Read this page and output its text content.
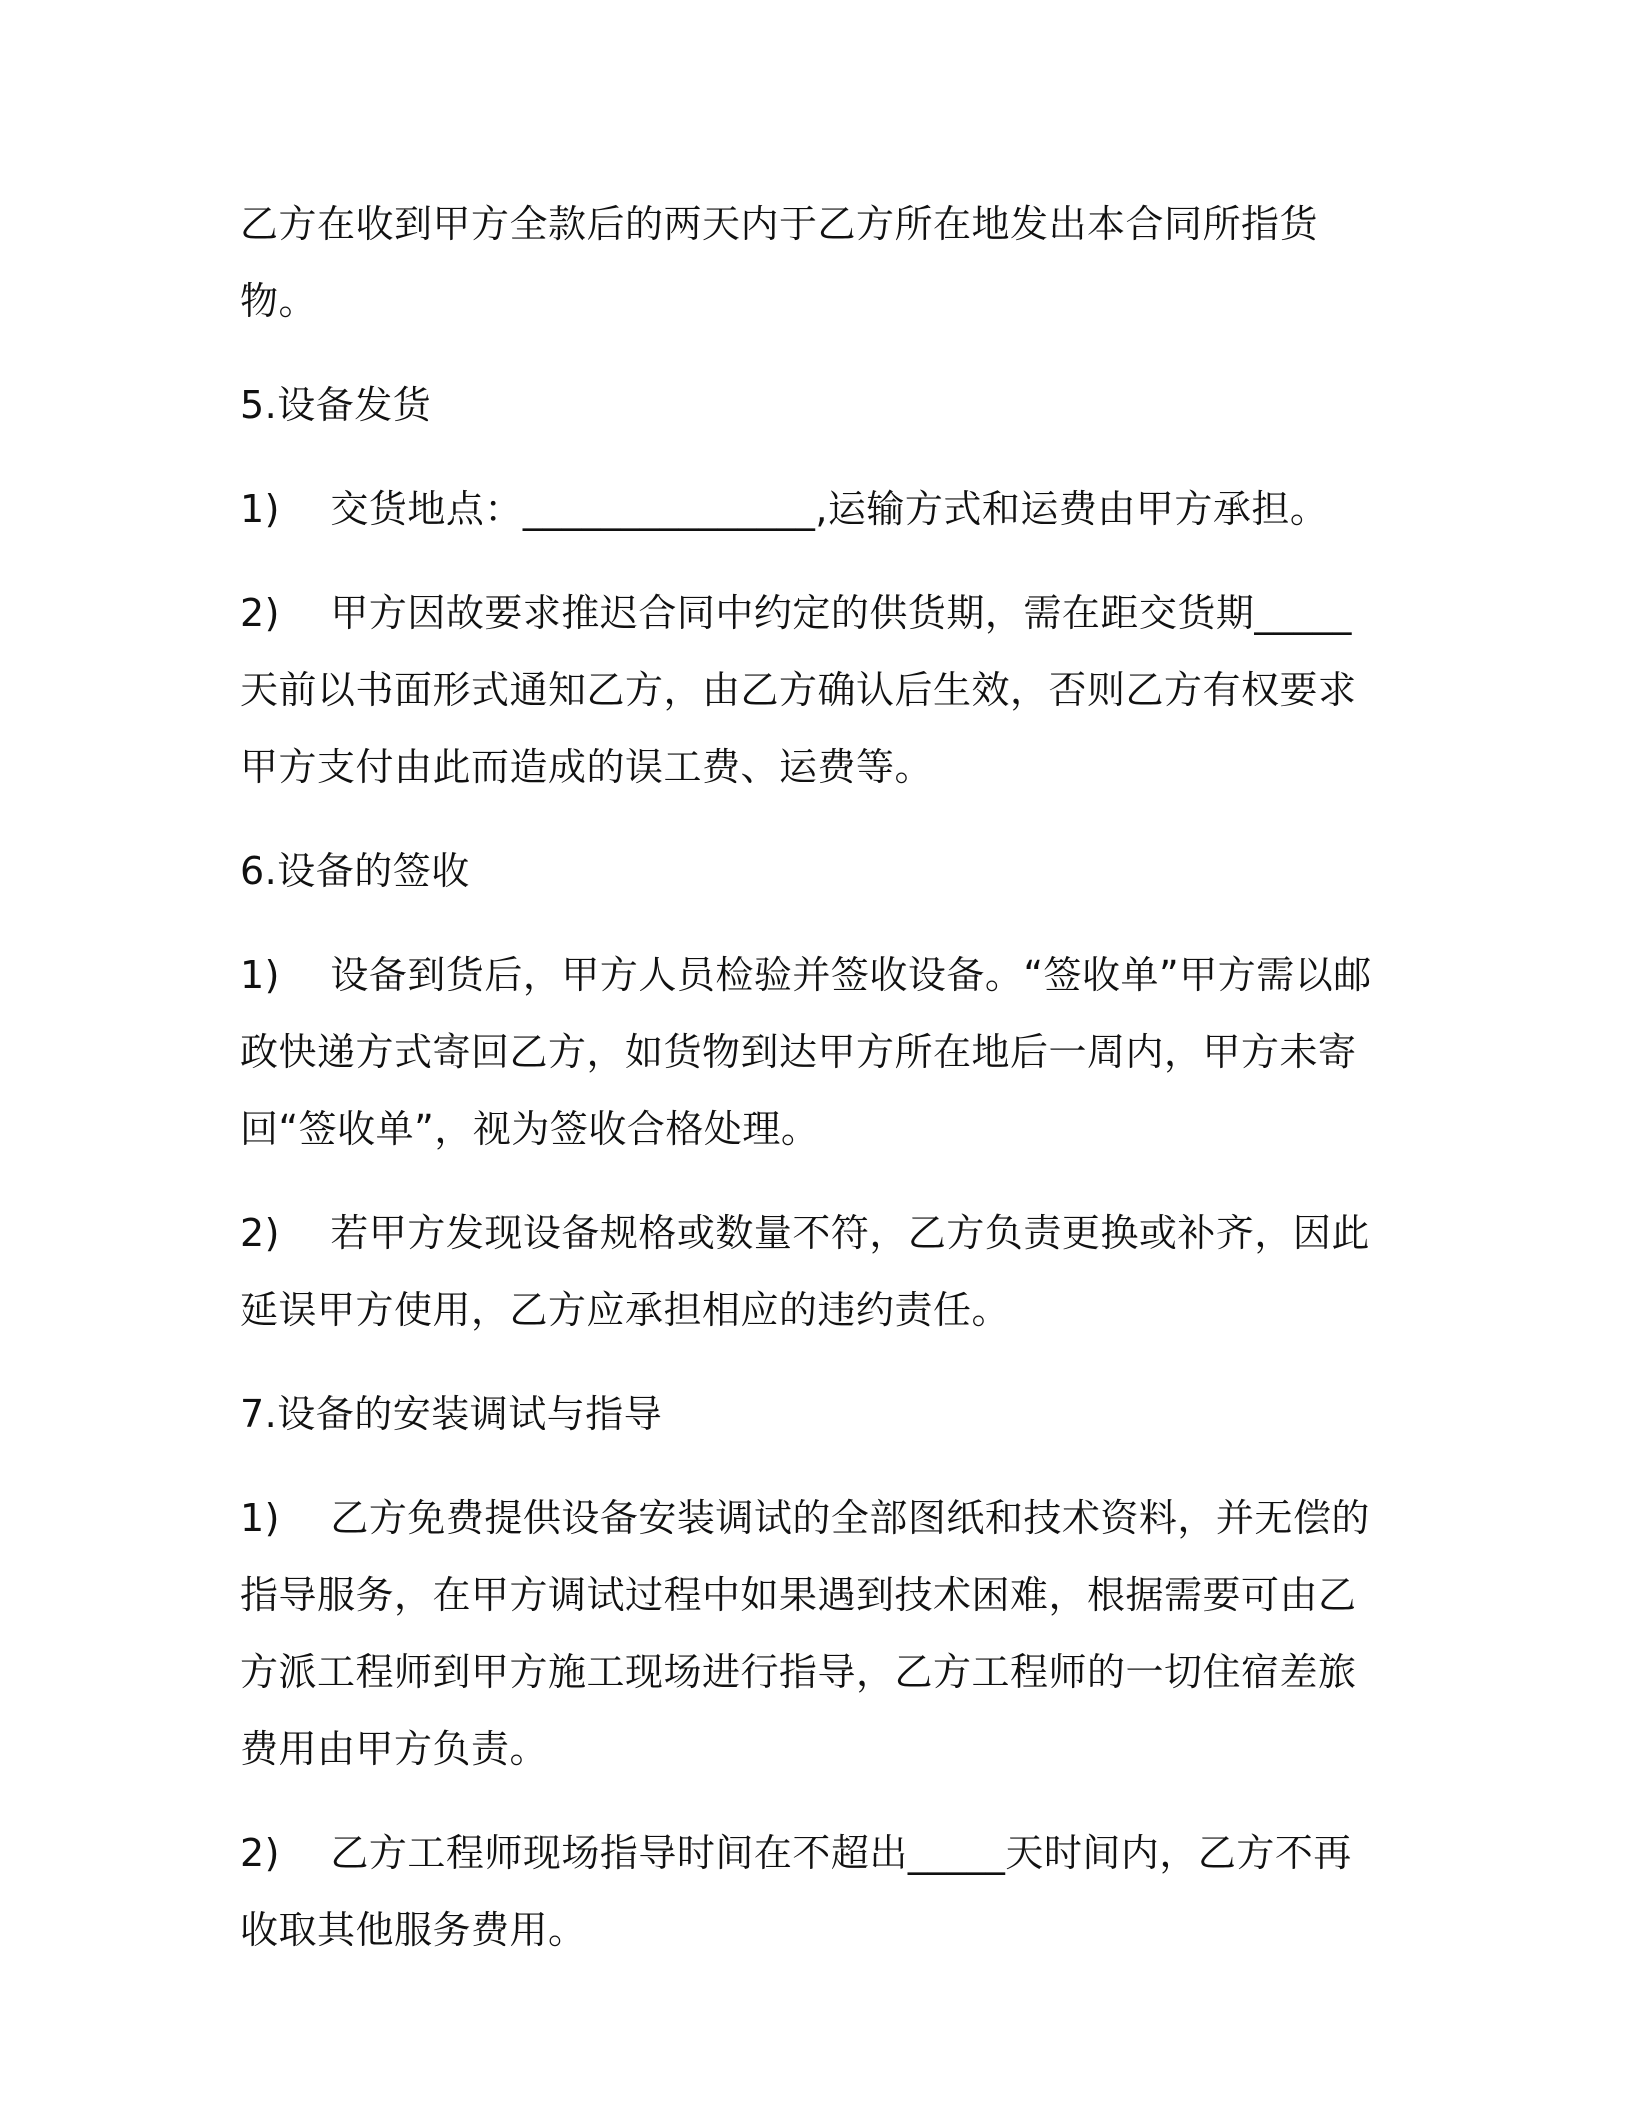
乙方在收到甲方全款后的两天内于乙方所在地发出本合同所指货物。

5.设备发货

1) 交货地点：_______________,运输方式和运费由甲方承担。

2) 甲方因故要求推迟合同中约定的供货期，需在距交货期_____天前以书面形式通知乙方，由乙方确认后生效，否则乙方有权要求甲方支付由此而造成的误工费、运费等。

6.设备的签收

1) 设备到货后，甲方人员检验并签收设备。“签收单”甲方需以邮政快递方式寄回乙方，如货物到达甲方所在地后一周内，甲方未寄回“签收单”，视为签收合格处理。

2) 若甲方发现设备规格或数量不符，乙方负责更换或补齐，因此延误甲方使用，乙方应承担相应的违约责任。

7.设备的安装调试与指导

1) 乙方免费提供设备安装调试的全部图纸和技术资料，并无偿的指导服务，在甲方调试过程中如果遇到技术困难，根据需要可由乙方派工程师到甲方施工现场进行指导，乙方工程师的一切住宿差旅费用由甲方负责。

2) 乙方工程师现场指导时间在不超出_____天时间内，乙方不再收取其他服务费用。
